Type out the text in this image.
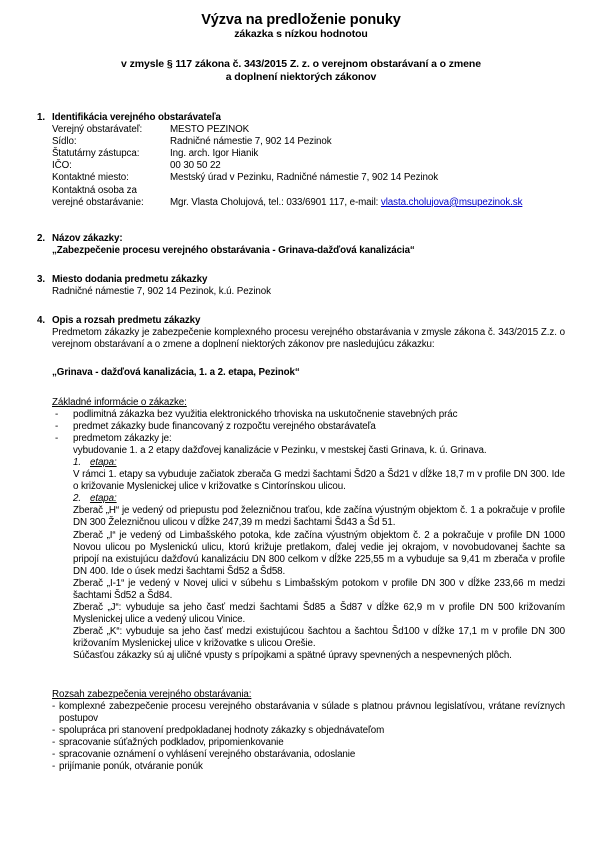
Výzva na predloženie ponuky
zákazka s nízkou hodnotou
v zmysle § 117 zákona č. 343/2015 Z. z. o verejnom obstarávaní a o zmene
a doplnení niektorých zákonov
1. Identifikácia verejného obstarávateľa
Verejný obstarávateľ:	MESTO PEZINOK
Sídlo:	Radničné námestie 7, 902 14 Pezinok
Štatutárny zástupca:	Ing. arch. Igor Hianik
IČO:	00 30 50 22
Kontaktné miesto:	Mestský úrad v Pezinku, Radničné námestie 7, 902 14 Pezinok
Kontaktná osoba za
verejné obstarávanie:	Mgr. Vlasta Cholujová, tel.: 033/6901 117, e-mail: vlasta.cholujova@msupezinok.sk
2. Názov zákazky:
„Zabezpečenie procesu verejného obstarávania - Grinava-dažďová kanalizácia“
3. Miesto dodania predmetu zákazky
Radničné námestie 7, 902 14 Pezinok, k.ú. Pezinok
4. Opis a rozsah predmetu zákazky
Predmetom zákazky je zabezpečenie komplexného procesu verejného obstarávania v zmysle zákona č. 343/2015 Z.z. o verejnom obstarávaní a o zmene a doplnení niektorých zákonov pre nasledujúcu zákazku:
„Grinava - dažďová kanalizácia, 1. a 2. etapa, Pezinok“
Základné informácie o zákazke:
-	podlimitná zákazka bez využitia elektronického trhoviska na uskutočnenie stavebných prác
-	predmet zákazky bude financovaný z rozpočtu verejného obstarávateľa
-	predmetom zákazky je:
vybudovanie 1. a 2 etapy dažďovej kanalizácie v Pezinku, v mestskej časti Grinava, k. ú. Grinava.
1. etapa:
V rámci 1. etapy sa vybuduje začiatok zberača G medzi šachtami Šd20 a Šd21 v dĺžke 18,7 m v profile DN 300. Ide o križovanie Myslenickej ulice v križovatke s Cintorínskou ulicou.
2. etapa:
Zberač „H“ je vedený od priepustu pod železničnou traťou, kde začína výustným objektom č. 1 a pokračuje v profile DN 300 Železničnou ulicou v dĺžke 247,39 m medzi šachtami Šd43 a Šd 51.
Zberač „I“ je vedený od Limbašského potoka, kde začína výustným objektom č. 2 a pokračuje v profile DN 1000 Novou ulicou po Myslenickú ulicu, ktorú križuje pretlakom, ďalej vedie jej okrajom, v novobudovanej šachte sa pripojí na existujúcu dažďovú kanalizáciu DN 800 celkom v dĺžke 225,55 m a vybuduje sa 9,41 m zberača v profile DN 400. Ide o úsek medzi šachtami Šd52 a Šd58.
Zberač „I-1“ je vedený v Novej ulici v súbehu s Limbašským potokom v profile DN 300 v dĺžke 233,66 m medzi šachtami Šd52 a Šd84.
Zberač „J“: vybuduje sa jeho časť medzi šachtami Šd85 a Šd87 v dĺžke 62,9 m v profile DN 500 križovaním Myslenickej ulice a vedený ulicou Vinice.
Zberač „K“: vybuduje sa jeho časť medzi existujúcou šachtou a šachtou Šd100 v dĺžke 17,1 m v profile DN 300 križovaním Myslenickej ulice v križovatke s ulicou Orešie.
Súčasťou zákazky sú aj uličné vpusty s prípojkami a spätné úpravy spevnených a nespevnených plôch.
Rozsah zabezpečenia verejného obstarávania:
- komplexné zabezpečenie procesu verejného obstarávania v súlade s platnou právnou legislatívou, vrátane revíznych postupov
- spolupráca pri stanovení predpokladanej hodnoty zákazky s objednávateľom
- spracovanie súťažných podkladov, pripomienkovanie
- spracovanie oznámení o vyhlásení verejného obstarávania, odoslanie
- prijímanie ponúk, otváranie ponúk
